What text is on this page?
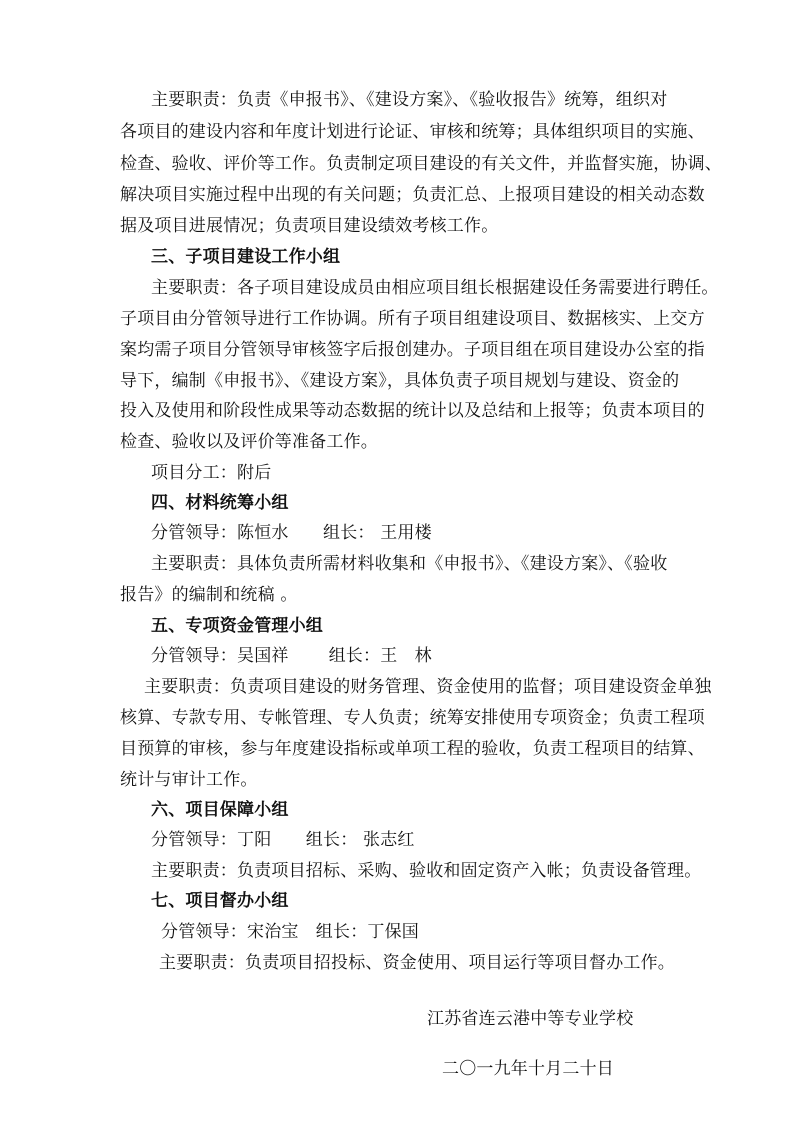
主要职责：负责《申报书》、《建设方案》、《验收报告》统筹，组织对
各项目的建设内容和年度计划进行论证、审核和统筹；具体组织项目的实施、
检查、验收、评价等工作。负责制定项目建设的有关文件，并监督实施，协调、
解决项目实施过程中出现的有关问题；负责汇总、上报项目建设的相关动态数
据及项目进展情况；负责项目建设绩效考核工作。
三、子项目建设工作小组
主要职责：各子项目建设成员由相应项目组长根据建设任务需要进行聘任。
子项目由分管领导进行工作协调。所有子项目组建设项目、数据核实、上交方
案均需子项目分管领导审核签字后报创建办。子项目组在项目建设办公室的指
导下，编制《申报书》、《建设方案》，具体负责子项目规划与建设、资金的
投入及使用和阶段性成果等动态数据的统计以及总结和上报等；负责本项目的
检查、验收以及评价等准备工作。
项目分工：附后
四、材料统筹小组
分管领导：陈恒水　　组长： 王用楼
主要职责：具体负责所需材料收集和《申报书》、《建设方案》、《验收
报告》的编制和统稿 。
五、专项资金管理小组
分管领导：吴国祥　　 组长：王　林
主要职责：负责项目建设的财务管理、资金使用的监督；项目建设资金单独
核算、专款专用、专帐管理、专人负责；统筹安排使用专项资金；负责工程项
目预算的审核，参与年度建设指标或单项工程的验收，负责工程项目的结算、
统计与审计工作。
六、项目保障小组
分管领导：丁阳　　组长： 张志红
主要职责：负责项目招标、采购、验收和固定资产入帐；负责设备管理。
七、项目督办小组
分管领导：宋治宝　组长：丁保国
主要职责：负责项目招投标、资金使用、项目运行等项目督办工作。
江苏省连云港中等专业学校
二〇一九年十月二十日
